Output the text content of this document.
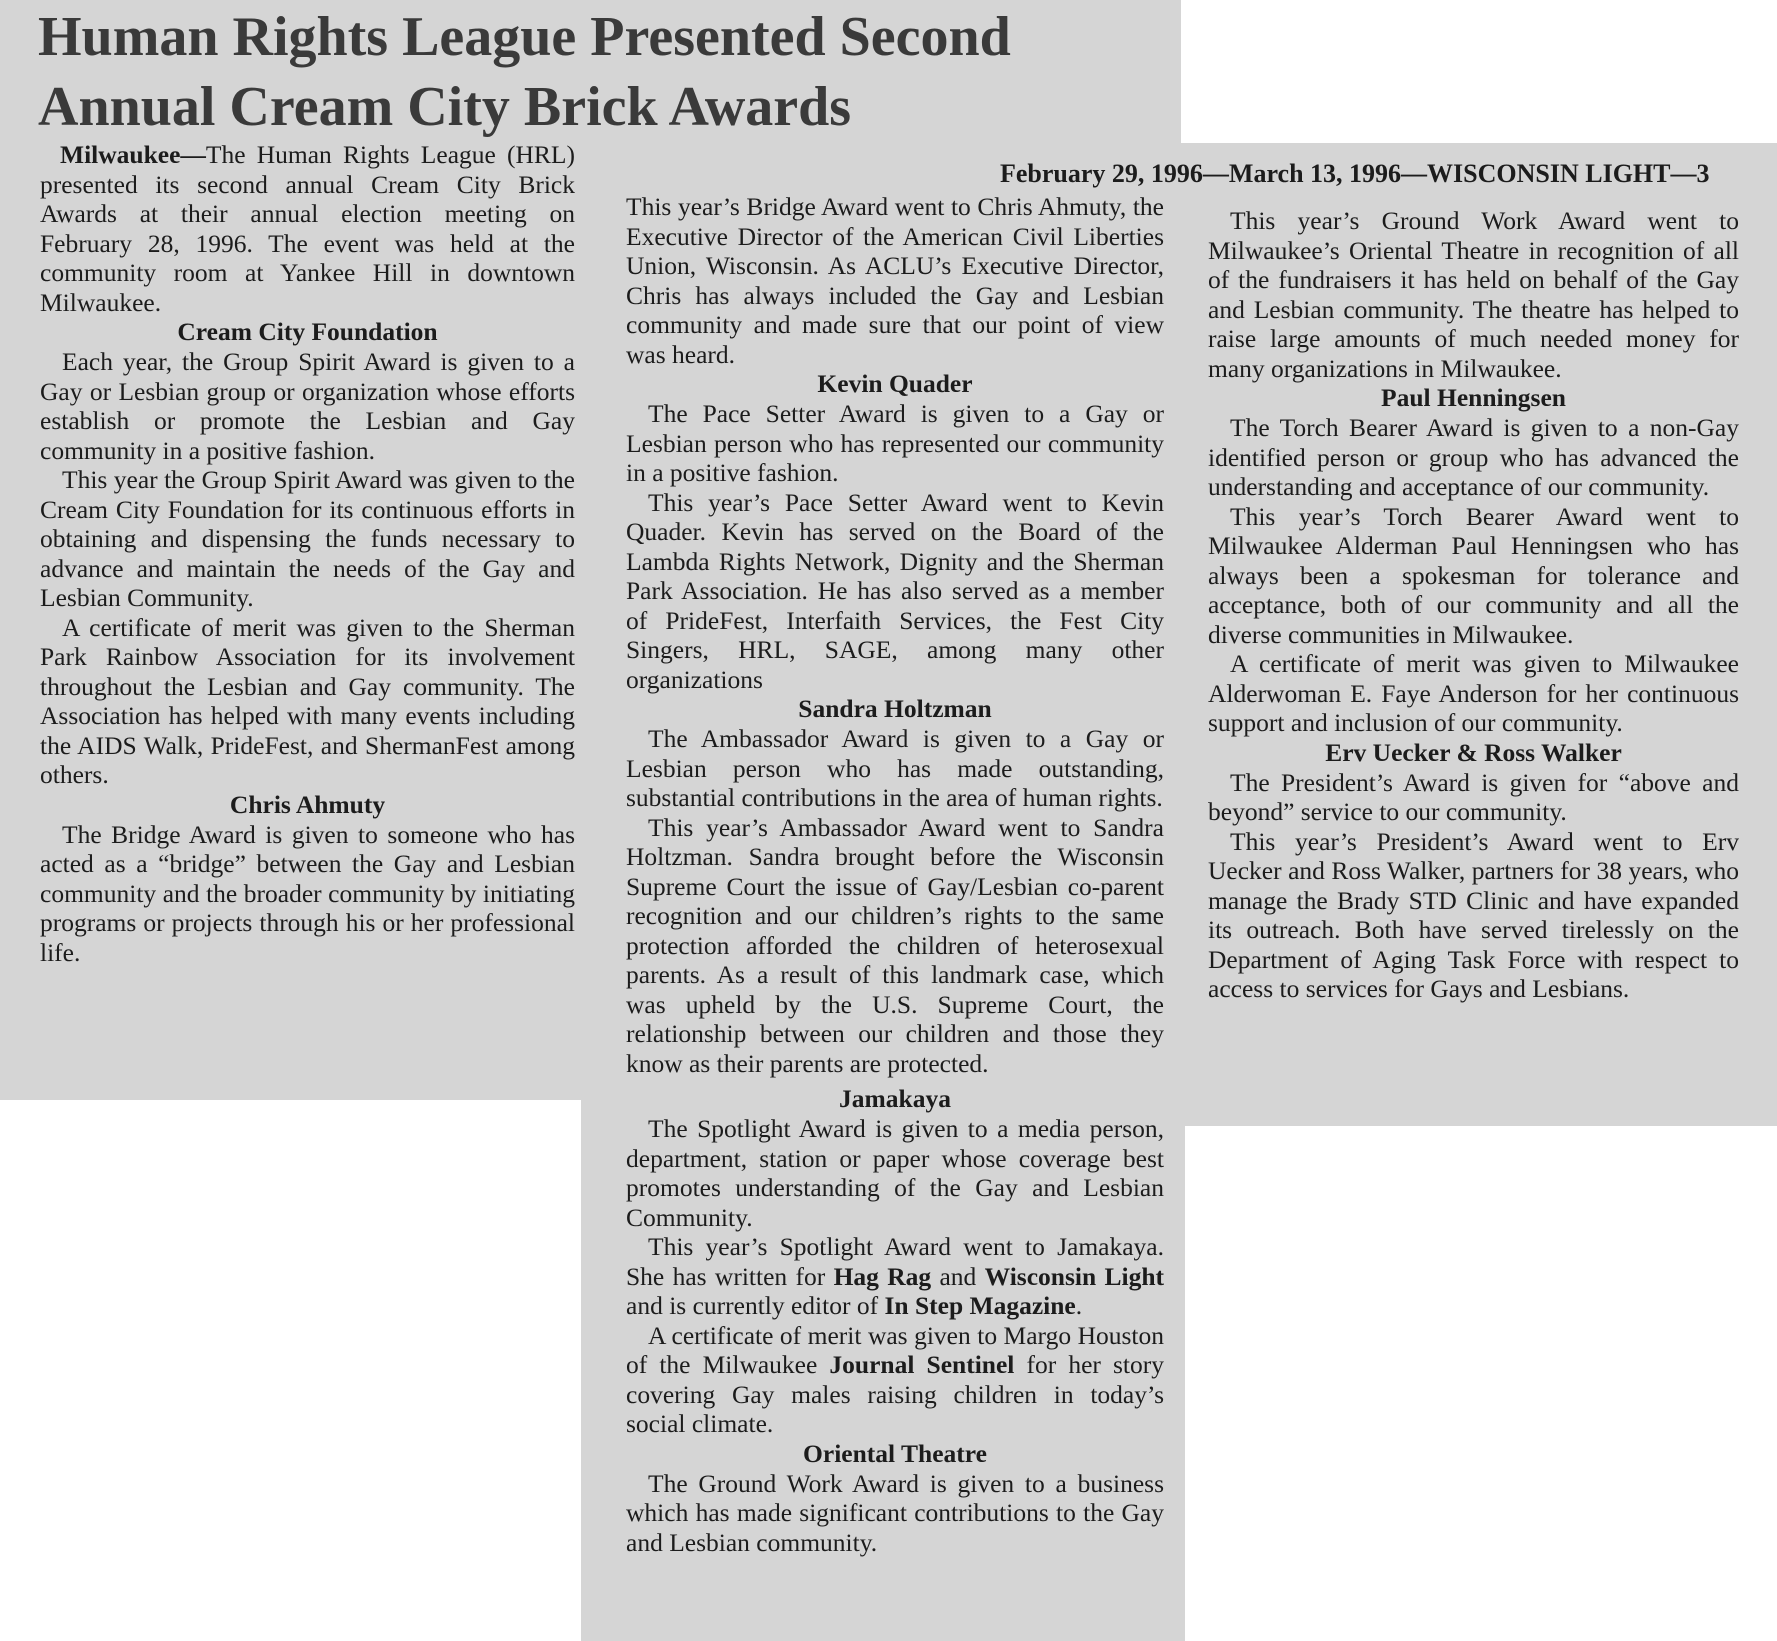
Human Rights League Presented Second Annual Cream City Brick Awards
February 29, 1996—March 13, 1996—WISCONSIN LIGHT—3

Milwaukee—The Human Rights League (HRL) presented its second annual Cream City Brick Awards at their annual election meeting on February 28, 1996. The event was held at the community room at Yankee Hill in downtown Milwaukee.

Cream City Foundation

Each year, the Group Spirit Award is given to a Gay or Lesbian group or organization whose efforts establish or promote the Lesbian and Gay community in a positive fashion.

This year the Group Spirit Award was given to the Cream City Foundation for its continuous efforts in obtaining and dispensing the funds necessary to advance and maintain the needs of the Gay and Lesbian Community.

A certificate of merit was given to the Sherman Park Rainbow Association for its involvement throughout the Lesbian and Gay community. The Association has helped with many events including the AIDS Walk, PrideFest, and ShermanFest among others.

Chris Ahmuty

The Bridge Award is given to someone who has acted as a “bridge” between the Gay and Lesbian community and the broader community by initiating programs or projects through his or her professional life.

This year’s Bridge Award went to Chris Ahmuty, the Executive Director of the American Civil Liberties Union, Wisconsin. As ACLU’s Executive Director, Chris has always included the Gay and Lesbian community and made sure that our point of view was heard.

Kevin Quader

The Pace Setter Award is given to a Gay or Lesbian person who has represented our community in a positive fashion.

This year’s Pace Setter Award went to Kevin Quader. Kevin has served on the Board of the Lambda Rights Network, Dignity and the Sherman Park Association. He has also served as a member of PrideFest, Interfaith Services, the Fest City Singers, HRL, SAGE, among many other organizations

Sandra Holtzman

The Ambassador Award is given to a Gay or Lesbian person who has made outstanding, substantial contributions in the area of human rights.

This year’s Ambassador Award went to Sandra Holtzman. Sandra brought before the Wisconsin Supreme Court the issue of Gay/Lesbian co-parent recognition and our children’s rights to the same protection afforded the children of heterosexual parents. As a result of this landmark case, which was upheld by the U.S. Supreme Court, the relationship between our children and those they know as their parents are protected.

Jamakaya

The Spotlight Award is given to a media person, department, station or paper whose coverage best promotes understanding of the Gay and Lesbian Community.

This year’s Spotlight Award went to Jamakaya. She has written for Hag Rag and Wisconsin Light and is currently editor of In Step Magazine.

A certificate of merit was given to Margo Houston of the Milwaukee Journal Sentinel for her story covering Gay males raising children in today’s social climate.

Oriental Theatre

The Ground Work Award is given to a business which has made significant contributions to the Gay and Lesbian community.

This year’s Ground Work Award went to Milwaukee’s Oriental Theatre in recognition of all of the fundraisers it has held on behalf of the Gay and Lesbian community. The theatre has helped to raise large amounts of much needed money for many organizations in Milwaukee.

Paul Henningsen

The Torch Bearer Award is given to a non-Gay identified person or group who has advanced the understanding and acceptance of our community.

This year’s Torch Bearer Award went to Milwaukee Alderman Paul Henningsen who has always been a spokesman for tolerance and acceptance, both of our community and all the diverse communities in Milwaukee.

A certificate of merit was given to Milwaukee Alderwoman E. Faye Anderson for her continuous support and inclusion of our community.

Erv Uecker & Ross Walker

The President’s Award is given for “above and beyond” service to our community.

This year’s President’s Award went to Erv Uecker and Ross Walker, partners for 38 years, who manage the Brady STD Clinic and have expanded its outreach. Both have served tirelessly on the Department of Aging Task Force with respect to access to services for Gays and Lesbians.
